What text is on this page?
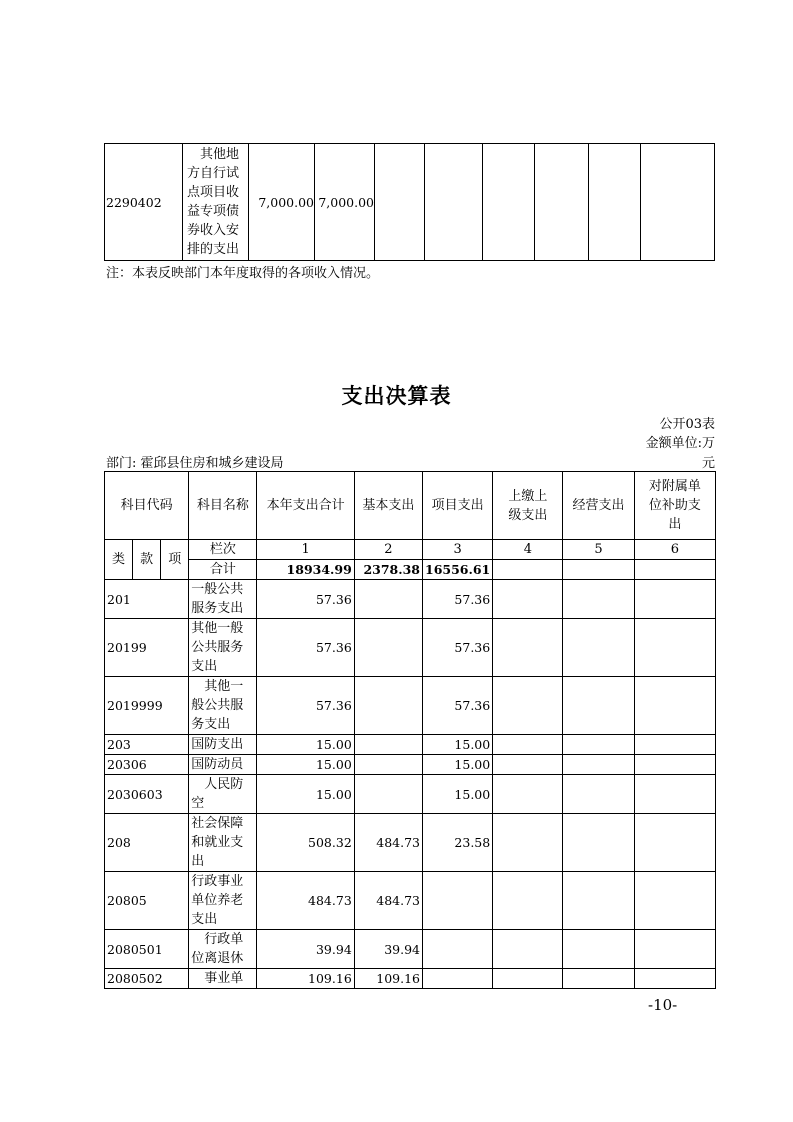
2290402	其他地方自行试点项目收益专项债券收入安排的支出	7,000.00	7,000.00						
注：本表反映部门本年度取得的各项收入情况。
支出决算表
公开03表
金额单位:万
元
部门: 霍邱县住房和城乡建设局
科目代码			科目名称	本年支出合计	基本支出	项目支出	上缴上级支出	经营支出	对附属单位补助支出
类	款	项	栏次	1	2	3	4	5	6
			合计	18934.99	2378.38	16556.61			
201			一般公共服务支出	57.36		57.36			
20199			其他一般公共服务支出	57.36		57.36			
2019999			其他一般公共服务支出	57.36		57.36			
203			国防支出	15.00		15.00			
20306			国防动员	15.00		15.00			
2030603			人民防空	15.00		15.00			
208			社会保障和就业支出	508.32	484.73	23.58			
20805			行政事业单位养老支出	484.73	484.73				
2080501			行政单位离退休	39.94	39.94				
2080502			事业单	109.16	109.16				
-10-
